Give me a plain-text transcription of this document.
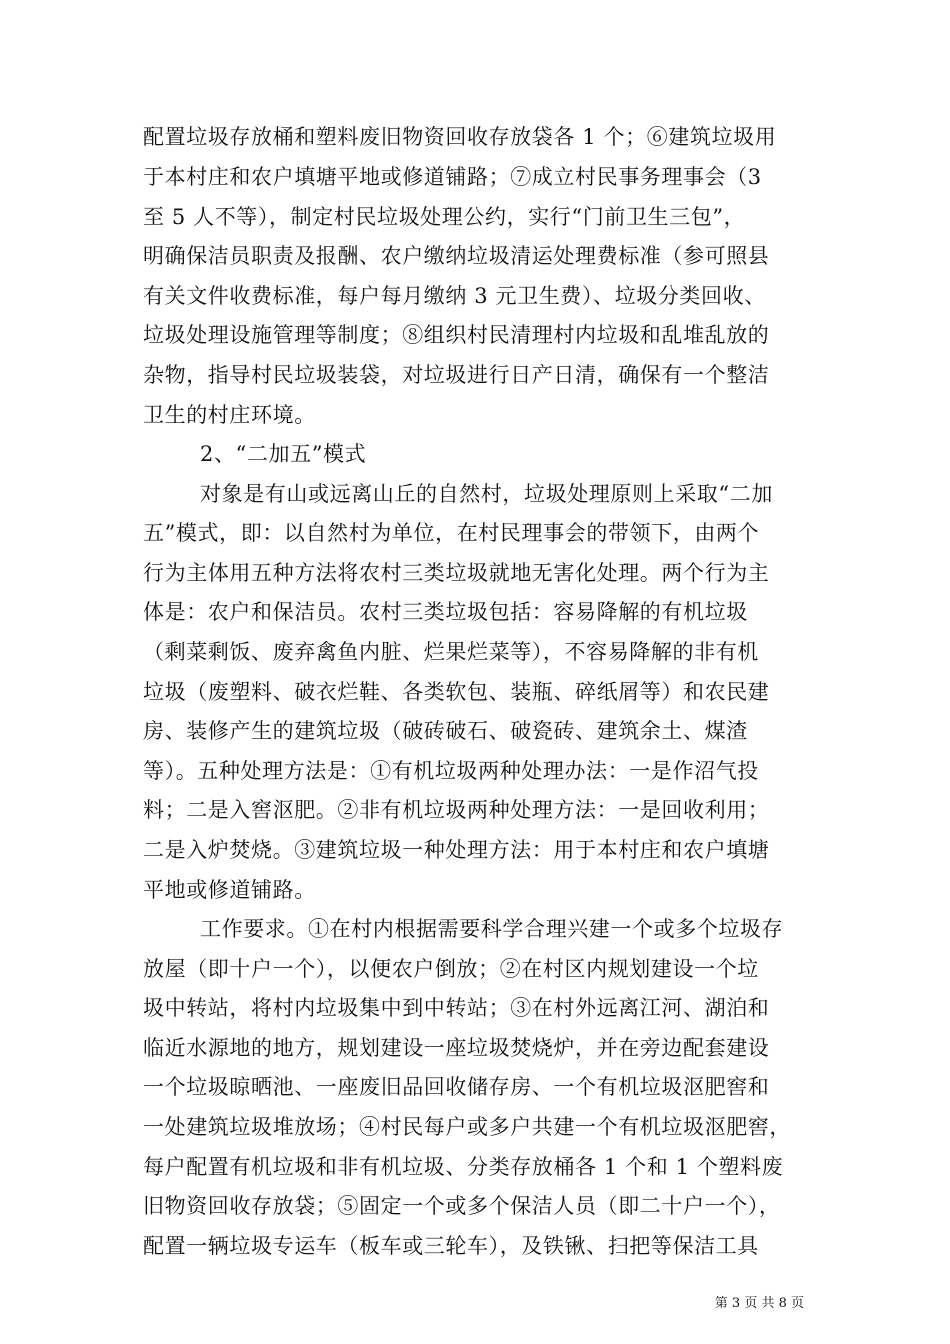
配置垃圾存放桶和塑料废旧物资回收存放袋各 1 个；⑥建筑垃圾用
于本村庄和农户填塘平地或修道铺路；⑦成立村民事务理事会（3
至 5 人不等），制定村民垃圾处理公约，实行“门前卫生三包”，
明确保洁员职责及报酬、农户缴纳垃圾清运处理费标准（参可照县
有关文件收费标准，每户每月缴纳 3 元卫生费）、垃圾分类回收、
垃圾处理设施管理等制度；⑧组织村民清理村内垃圾和乱堆乱放的
杂物，指导村民垃圾装袋，对垃圾进行日产日清，确保有一个整洁
卫生的村庄环境。
2、“二加五”模式
对象是有山或远离山丘的自然村，垃圾处理原则上采取“二加
五”模式，即：以自然村为单位，在村民理事会的带领下，由两个
行为主体用五种方法将农村三类垃圾就地无害化处理。两个行为主
体是：农户和保洁员。农村三类垃圾包括：容易降解的有机垃圾
（剩菜剩饭、废弃禽鱼内脏、烂果烂菜等），不容易降解的非有机
垃圾（废塑料、破衣烂鞋、各类软包、装瓶、碎纸屑等）和农民建
房、装修产生的建筑垃圾（破砖破石、破瓷砖、建筑余土、煤渣
等）。五种处理方法是：①有机垃圾两种处理办法：一是作沼气投
料；二是入窖沤肥。②非有机垃圾两种处理方法：一是回收利用；
二是入炉焚烧。③建筑垃圾一种处理方法：用于本村庄和农户填塘
平地或修道铺路。
工作要求。①在村内根据需要科学合理兴建一个或多个垃圾存
放屋（即十户一个），以便农户倒放；②在村区内规划建设一个垃
圾中转站，将村内垃圾集中到中转站；③在村外远离江河、湖泊和
临近水源地的地方，规划建设一座垃圾焚烧炉，并在旁边配套建设
一个垃圾晾晒池、一座废旧品回收储存房、一个有机垃圾沤肥窖和
一处建筑垃圾堆放场；④村民每户或多户共建一个有机垃圾沤肥窖，
每户配置有机垃圾和非有机垃圾、分类存放桶各 1 个和 1 个塑料废
旧物资回收存放袋；⑤固定一个或多个保洁人员（即二十户一个），
配置一辆垃圾专运车（板车或三轮车），及铁锹、扫把等保洁工具
第 3 页 共 8 页
